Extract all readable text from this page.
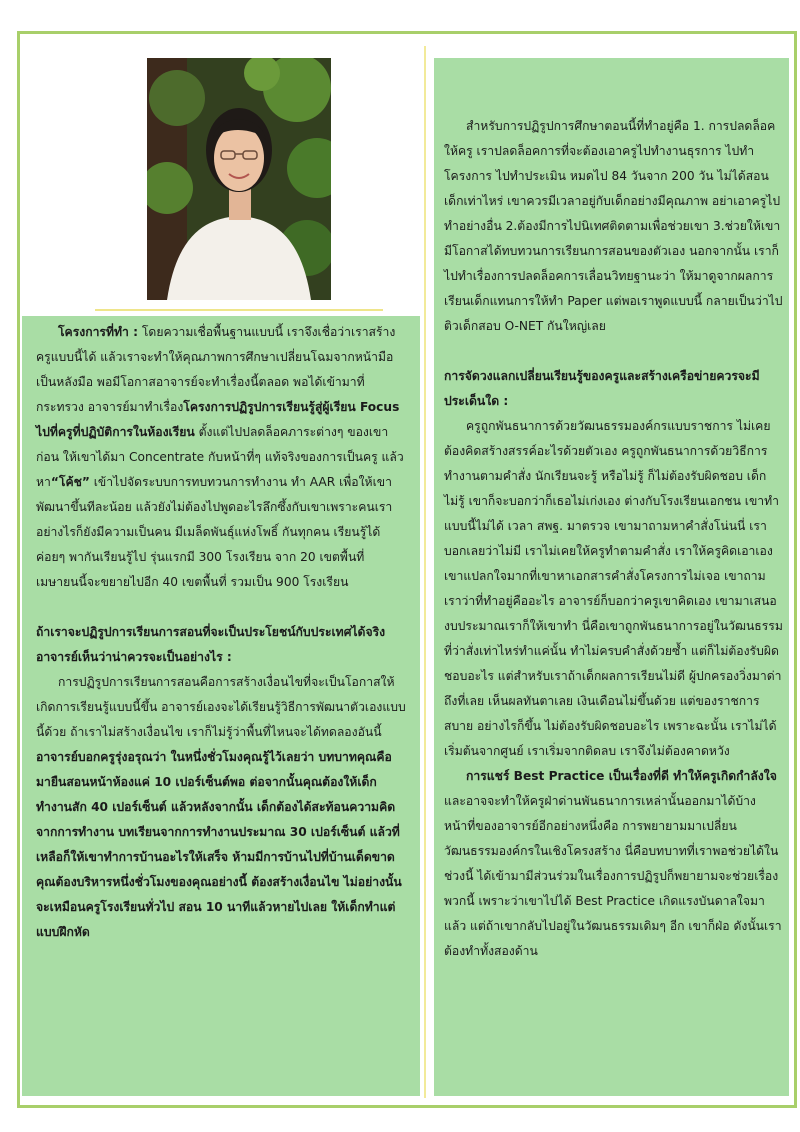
โครงการที่ทำ : โดยความเชื่อพื้นฐานแบบนี้ เราจึงเชื่อว่าเราสร้างครูแบบนี้ได้ แล้วเราจะทำให้คุณภาพการศึกษาเปลี่ยนโฉมจากหน้ามือเป็นหลังมือ พอมีโอกาสอาจารย์จะทำเรื่องนี้ตลอด พอได้เข้ามาที่กระทรวง อาจารย์มาทำเรื่องโครงการปฏิรูปการเรียนรู้สู่ผู้เรียน Focus ไปที่ครูที่ปฏิบัติการในห้องเรียน ตั้งแต่ไปปลดล็อคภาระต่างๆ ของเขาก่อน ให้เขาได้มา Concentrate กับหน้าที่ๆ แท้จริงของการเป็นครู แล้วหา“โค้ช” เข้าไปจัดระบบการทบทวนการทำงาน ทำ AAR เพื่อให้เขาพัฒนาขึ้นทีละน้อย แล้วยังไม่ต้องไปพูดอะไรลึกซึ้งกับเขาเพราะคนเราอย่างไรก็ยังมีความเป็นคน มีเมล็ดพันธุ์แห่งโพธิ์ กันทุกคน เรียนรู้ได้ ค่อยๆ พากันเรียนรู้ไป รุ่นแรกมี 300 โรงเรียน จาก 20 เขตพื้นที่ เมษายนนี้จะขยายไปอีก 40 เขตพื้นที่ รวมเป็น 900 โรงเรียน

ถ้าเราจะปฏิรูปการเรียนการสอนที่จะเป็นประโยชน์กับประเทศได้จริง อาจารย์เห็นว่าน่าควรจะเป็นอย่างไร :

การปฏิรูปการเรียนการสอนคือการสร้างเงื่อนไขที่จะเป็นโอกาสให้เกิดการเรียนรู้แบบนี้ขึ้น อาจารย์เองจะได้เรียนรู้วิธีการพัฒนาตัวเองแบบนี้ด้วย ถ้าเราไม่สร้างเงื่อนไข เราก็ไม่รู้ว่าพื้นที่ไหนจะได้ทดลองอันนี้ อาจารย์บอกครูรุ่งอรุณว่า ในหนึ่งชั่วโมงคุณรู้ไว้เลยว่า บทบาทคุณคือมายืนสอนหน้าห้องแค่ 10 เปอร์เซ็นต์พอ ต่อจากนั้นคุณต้องให้เด็กทำงานสัก 40 เปอร์เซ็นต์ แล้วหลังจากนั้น เด็กต้องได้สะท้อนความคิดจากการทำงาน บทเรียนจากการทำงานประมาณ 30 เปอร์เซ็นต์ แล้วที่เหลือก็ให้เขาทำการบ้านอะไรให้เสร็จ ห้ามมีการบ้านไปที่บ้านเด็ดขาด คุณต้องบริหารหนึ่งชั่วโมงของคุณอย่างนี้ ต้องสร้างเงื่อนไข ไม่อย่างนั้นจะเหมือนครูโรงเรียนทั่วไป สอน 10 นาทีแล้วหายไปเลย ให้เด็กทำแต่แบบฝึกหัด

สำหรับการปฏิรูปการศึกษาตอนนี้ที่ทำอยู่คือ 1. การปลดล็อคให้ครู เราปลดล็อคการที่จะต้องเอาครูไปทำงานธุรการ ไปทำโครงการ ไปทำประเมิน หมดไป 84 วันจาก 200 วัน ไม่ได้สอนเด็กเท่าไหร่ เขาควรมีเวลาอยู่กับเด็กอย่างมีคุณภาพ อย่าเอาครูไปทำอย่างอื่น 2.ต้องมีการไปนิเทศติดตามเพื่อช่วยเขา 3.ช่วยให้เขามีโอกาสได้ทบทวนการเรียนการสอนของตัวเอง นอกจากนั้น เราก็ไปทำเรื่องการปลดล็อคการเลื่อนวิทยฐานะว่า ให้มาดูจากผลการเรียนเด็กแทนการให้ทำ Paper แต่พอเราพูดแบบนี้ กลายเป็นว่าไปติวเด็กสอบ O-NET กันใหญ่เลย

การจัดวงแลกเปลี่ยนเรียนรู้ของครูและสร้างเครือข่ายควรจะมีประเด็นใด :

ครูถูกพันธนาการด้วยวัฒนธรรมองค์กรแบบราชการ ไม่เคยต้องคิดสร้างสรรค์อะไรด้วยตัวเอง ครูถูกพันธนาการด้วยวิธีการทำงานตามคำสั่ง นักเรียนจะรู้ หรือไม่รู้ ก็ไม่ต้องรับผิดชอบ เด็กไม่รู้ เขาก็จะบอกว่าก็เธอไม่เก่งเอง ต่างกับโรงเรียนเอกชน เขาทำแบบนี้ไม่ได้ เวลา สพฐ. มาตรวจ เขามาถามหาคำสั่งโน่นนี่ เราบอกเลยว่าไม่มี เราไม่เคยให้ครูทำตามคำสั่ง เราให้ครูคิดเอาเอง เขาแปลกใจมากที่เขาหาเอกสารคำสั่งโครงการไม่เจอ เขาถามเราว่าที่ทำอยู่คืออะไร อาจารย์ก็บอกว่าครูเขาคิดเอง เขามาเสนองบประมาณเราก็ให้เขาทำ นี่คือเขาถูกพันธนาการอยู่ในวัฒนธรรมที่ว่าสั่งเท่าไหร่ทำแค่นั้น ทำไม่ครบคำสั่งด้วยซ้ำ แต่ก็ไม่ต้องรับผิดชอบอะไร แต่สำหรับเราถ้าเด็กผลการเรียนไม่ดี ผู้ปกครองวิ่งมาด่าถึงที่เลย เห็นผลทันตาเลย เงินเดือนไม่ขึ้นด้วย แต่ของราชการสบาย อย่างไรก็ขึ้น ไม่ต้องรับผิดชอบอะไร เพราะฉะนั้น เราไม่ได้เริ่มต้นจากศูนย์ เราเริ่มจากติดลบ เราจึงไม่ต้องคาดหวัง

การแชร์ Best Practice เป็นเรื่องที่ดี ทำให้ครูเกิดกำลังใจ และอาจจะทำให้ครูฝ่าด่านพันธนาการเหล่านั้นออกมาได้บ้าง หน้าที่ของอาจารย์อีกอย่างหนึ่งคือ การพยายามมาเปลี่ยนวัฒนธรรมองค์กรในเชิงโครงสร้าง นี่คือบทบาทที่เราพอช่วยได้ในช่วงนี้ ได้เข้ามามีส่วนร่วมในเรื่องการปฏิรูปก็พยายามจะช่วยเรื่องพวกนี้ เพราะว่าเขาไปได้ Best Practice เกิดแรงบันดาลใจมาแล้ว แต่ถ้าเขากลับไปอยู่ในวัฒนธรรมเดิมๆ อีก เขาก็ฝ่อ ดังนั้นเราต้องทำทั้งสองด้าน
